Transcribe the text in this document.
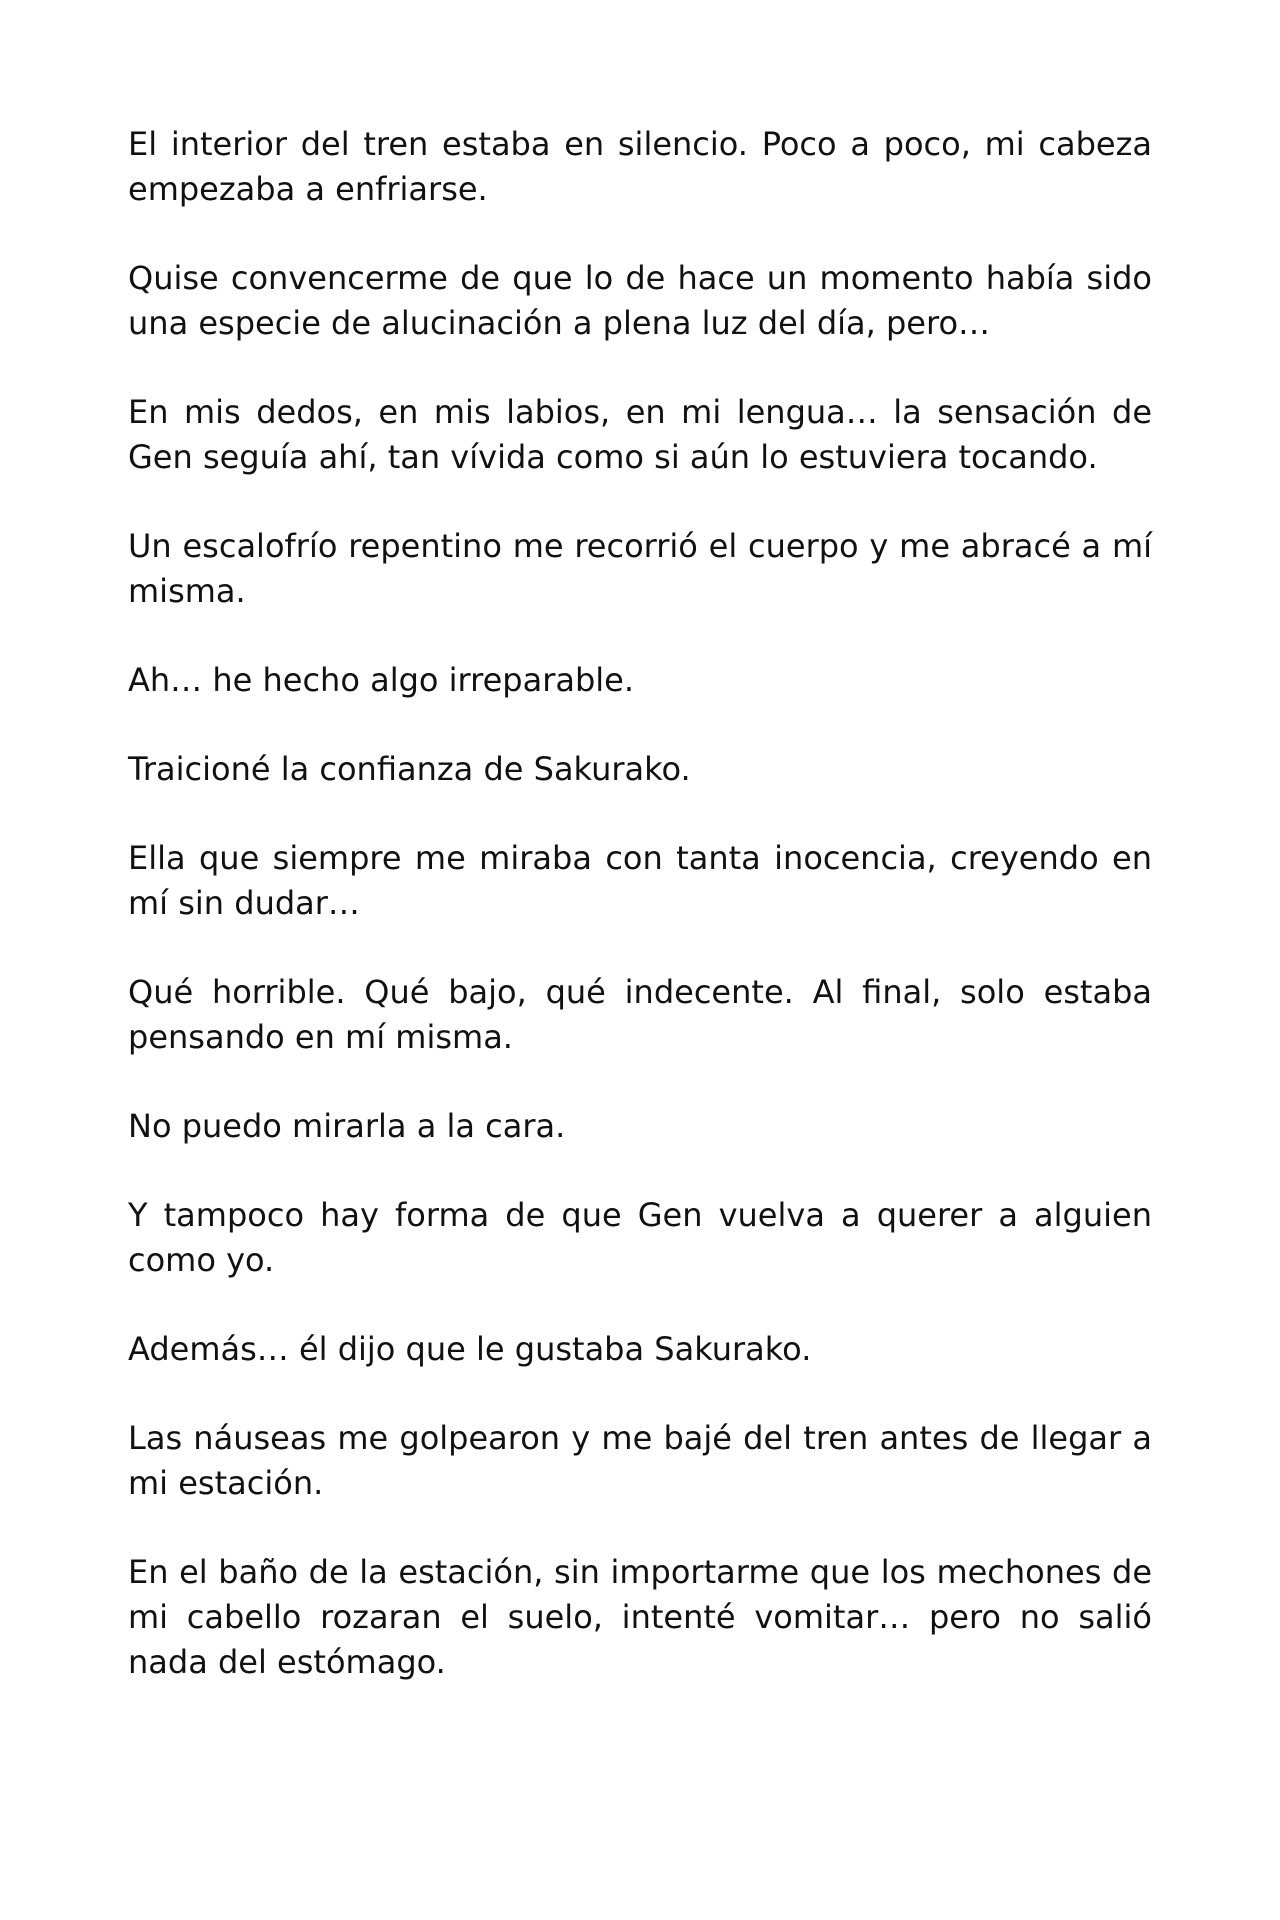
El interior del tren estaba en silencio. Poco a poco, mi cabeza empezaba a enfriarse.

Quise convencerme de que lo de hace un momento había sido una especie de alucinación a plena luz del día, pero…

En mis dedos, en mis labios, en mi lengua… la sensación de Gen seguía ahí, tan vívida como si aún lo estuviera tocando.

Un escalofrío repentino me recorrió el cuerpo y me abracé a mí misma.

Ah… he hecho algo irreparable.

Traicioné la confianza de Sakurako.

Ella que siempre me miraba con tanta inocencia, creyendo en mí sin dudar…

Qué horrible. Qué bajo, qué indecente. Al final, solo estaba pensando en mí misma.

No puedo mirarla a la cara.

Y tampoco hay forma de que Gen vuelva a querer a alguien como yo.

Además… él dijo que le gustaba Sakurako.

Las náuseas me golpearon y me bajé del tren antes de llegar a mi estación.

En el baño de la estación, sin importarme que los mechones de mi cabello rozaran el suelo, intenté vomitar… pero no salió nada del estómago.
